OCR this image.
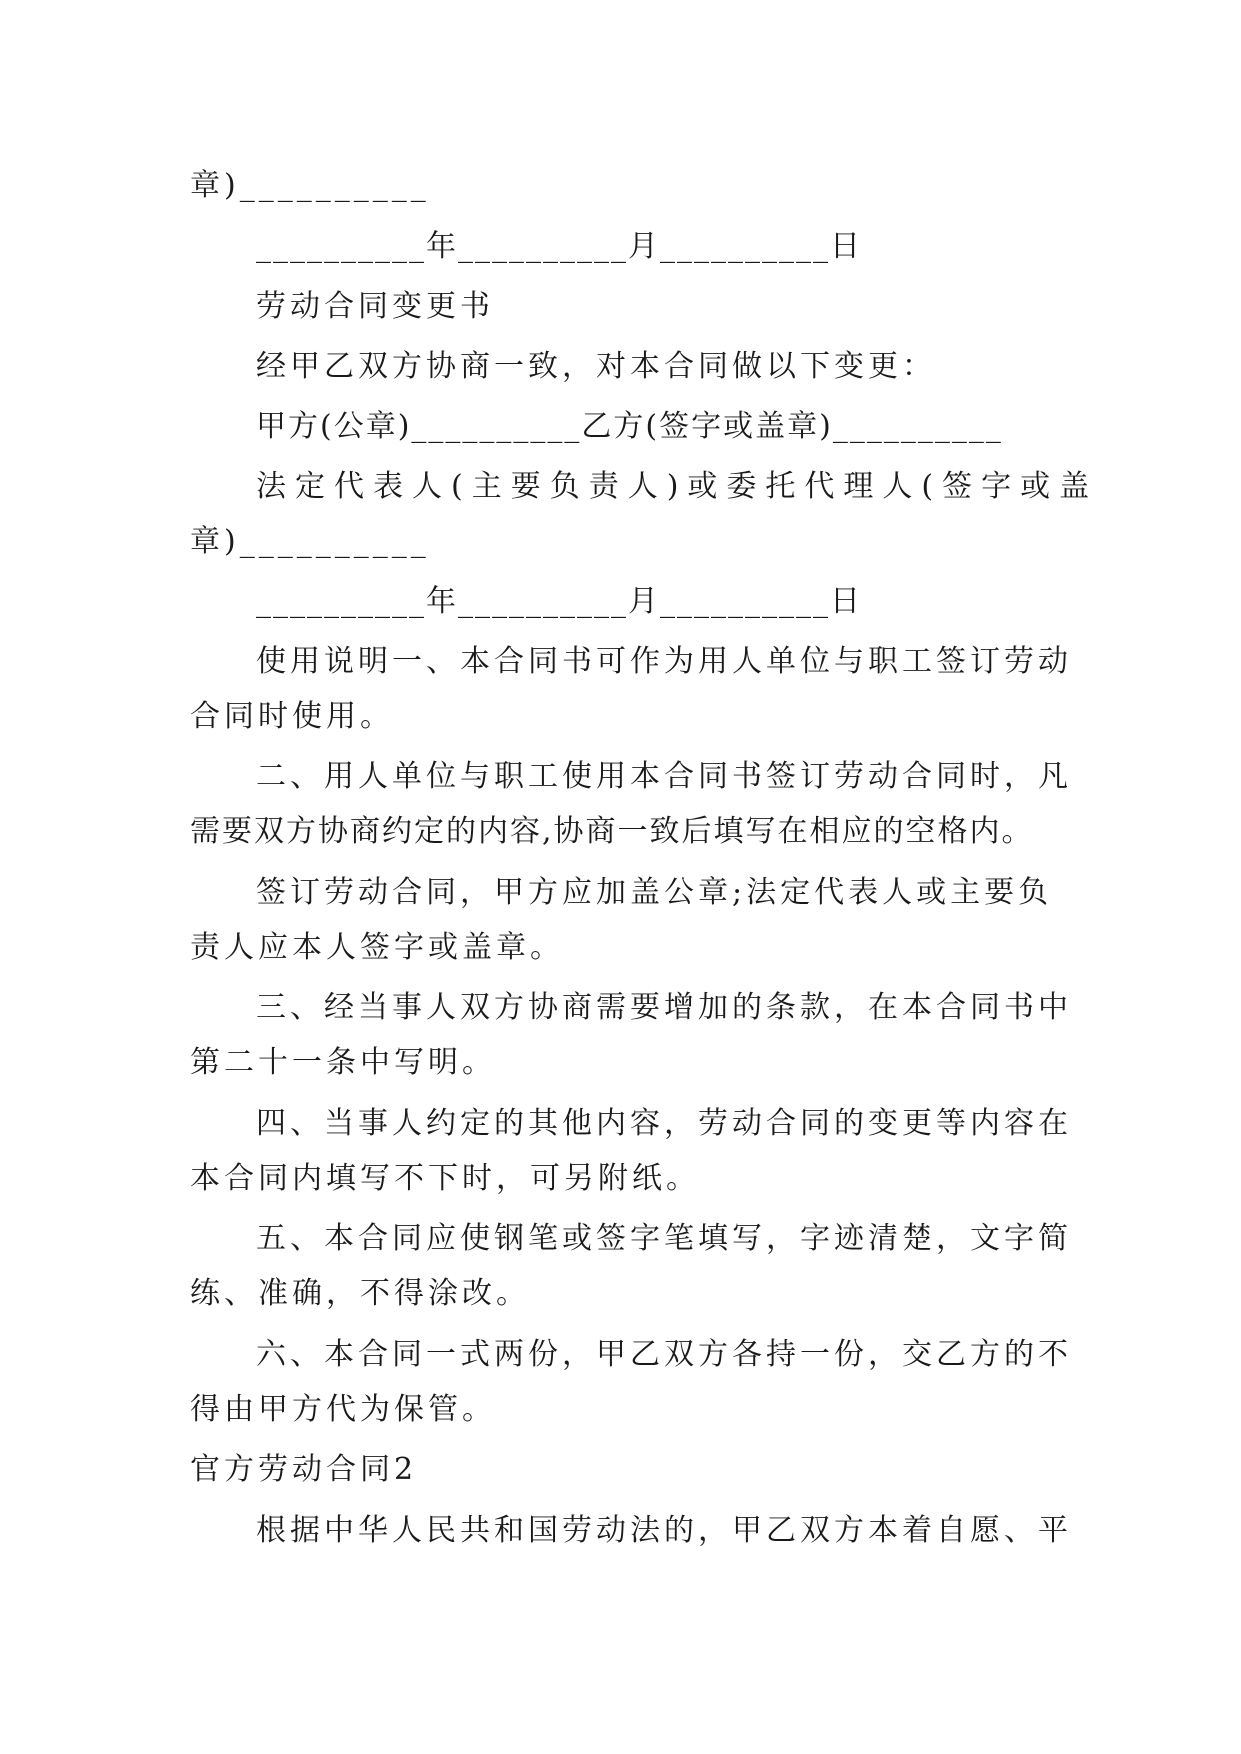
章)__________
__________年__________月__________日
劳动合同变更书
经甲乙双方协商一致，对本合同做以下变更：
甲方(公章)__________乙方(签字或盖章)__________
法定代表人(主要负责人)或委托代理人(签字或盖
章)__________
__________年__________月__________日
使用说明一、本合同书可作为用人单位与职工签订劳动
合同时使用。
二、用人单位与职工使用本合同书签订劳动合同时，凡
需要双方协商约定的内容,协商一致后填写在相应的空格内。
签订劳动合同，甲方应加盖公章;法定代表人或主要负
责人应本人签字或盖章。
三、经当事人双方协商需要增加的条款，在本合同书中
第二十一条中写明。
四、当事人约定的其他内容，劳动合同的变更等内容在
本合同内填写不下时，可另附纸。
五、本合同应使钢笔或签字笔填写，字迹清楚，文字简
练、准确，不得涂改。
六、本合同一式两份，甲乙双方各持一份，交乙方的不
得由甲方代为保管。
官方劳动合同2
根据中华人民共和国劳动法的，甲乙双方本着自愿、平
